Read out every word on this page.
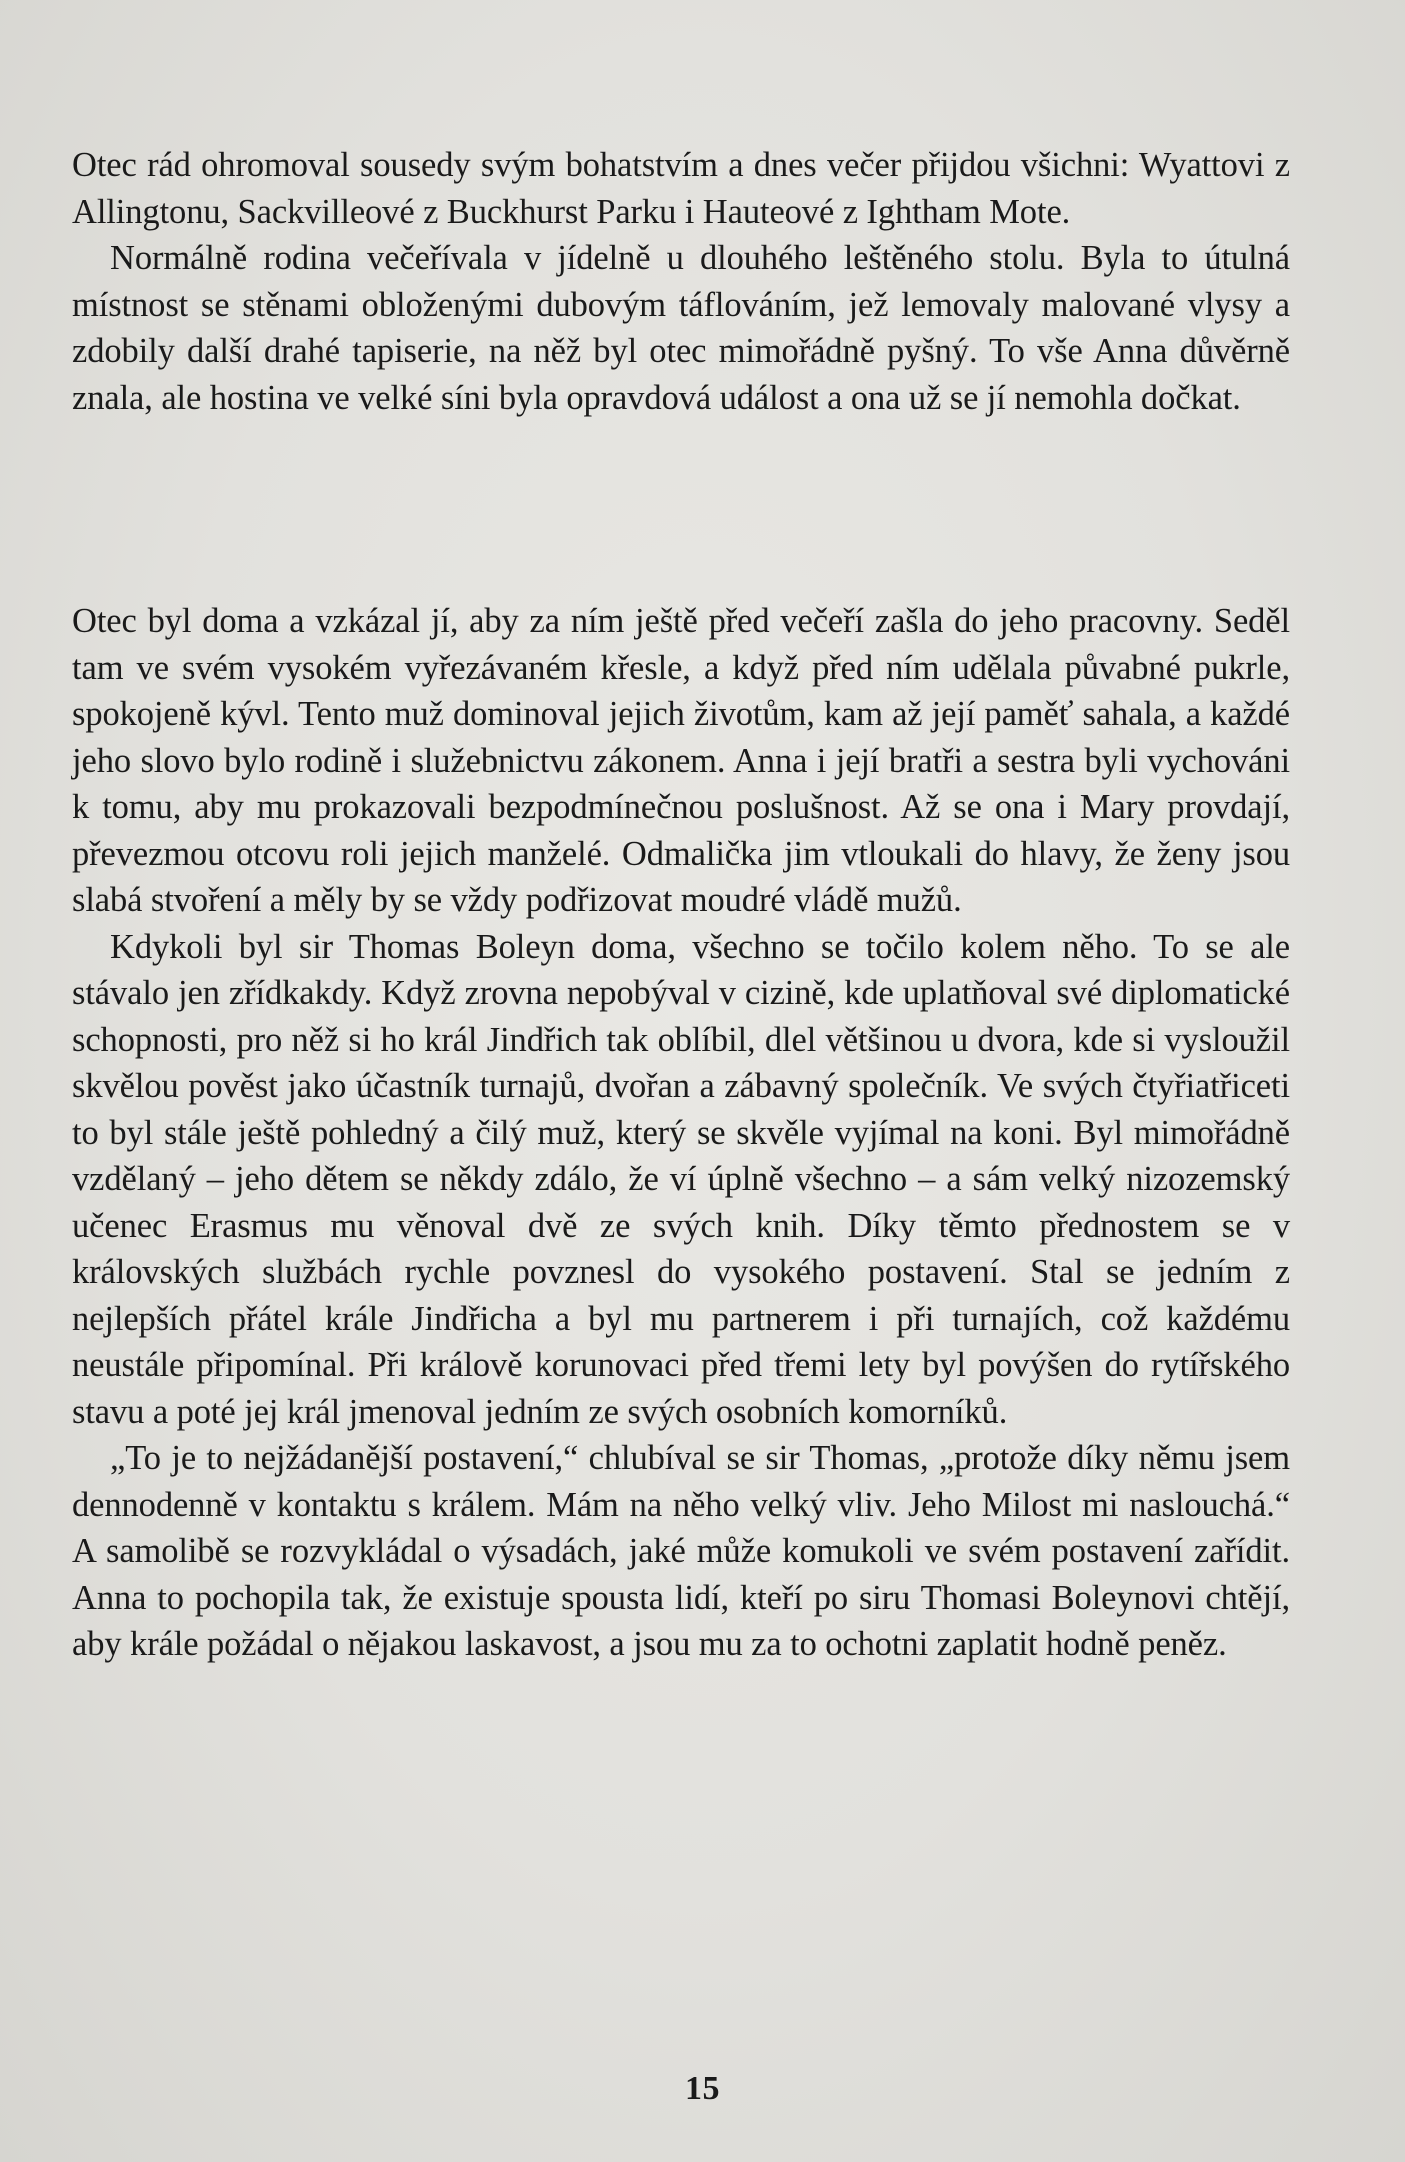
Otec rád ohromoval sousedy svým bohatstvím a dnes večer přijdou všichni: Wyattovi z Allingtonu, Sackvilleové z Buckhurst Parku i Hauteové z Ightham Mote.

Normálně rodina večeřívala v jídelně u dlouhého leštěného stolu. Byla to útulná místnost se stěnami obloženými dubovým táflováním, jež lemovaly malované vlysy a zdobily další drahé tapiserie, na něž byl otec mimořádně pyšný. To vše Anna důvěrně znala, ale hostina ve velké síni byla opravdová událost a ona už se jí nemohla dočkat.

Otec byl doma a vzkázal jí, aby za ním ještě před večeří zašla do jeho pracovny. Seděl tam ve svém vysokém vyřezávaném křesle, a když před ním udělala půvabné pukrle, spokojeně kývl. Tento muž dominoval jejich životům, kam až její paměť sahala, a každé jeho slovo bylo rodině i služebnictvu zákonem. Anna i její bratři a sestra byli vychováni k tomu, aby mu prokazovali bezpodmínečnou poslušnost. Až se ona i Mary provdají, převezmou otcovu roli jejich manželé. Odmalička jim vtloukali do hlavy, že ženy jsou slabá stvoření a měly by se vždy podřizovat moudré vládě mužů.

Kdykoli byl sir Thomas Boleyn doma, všechno se točilo kolem něho. To se ale stávalo jen zřídkakdy. Když zrovna nepobýval v cizině, kde uplatňoval své diplomatické schopnosti, pro něž si ho král Jindřich tak oblíbil, dlel většinou u dvora, kde si vysloužil skvělou pověst jako účastník turnajů, dvořan a zábavný společník. Ve svých čtyřiatřiceti to byl stále ještě pohledný a čilý muž, který se skvěle vyjímal na koni. Byl mimořádně vzdělaný – jeho dětem se někdy zdálo, že ví úplně všechno – a sám velký nizozemský učenec Erasmus mu věnoval dvě ze svých knih. Díky těmto přednostem se v královských službách rychle povznesl do vysokého postavení. Stal se jedním z nejlepších přátel krále Jindřicha a byl mu partnerem i při turnajích, což každému neustále připomínal. Při králově korunovaci před třemi lety byl povýšen do rytířského stavu a poté jej král jmenoval jedním ze svých osobních komorníků.

„To je to nejžádanější postavení,“ chlubíval se sir Thomas, „protože díky němu jsem dennodenně v kontaktu s králem. Mám na něho velký vliv. Jeho Milost mi naslouchá.“ A samolibě se rozvykládal o výsadách, jaké může komukoli ve svém postavení zařídit. Anna to pochopila tak, že existuje spousta lidí, kteří po siru Thomasi Boleynovi chtějí, aby krále požádal o nějakou laskavost, a jsou mu za to ochotni zaplatit hodně peněz.

15
